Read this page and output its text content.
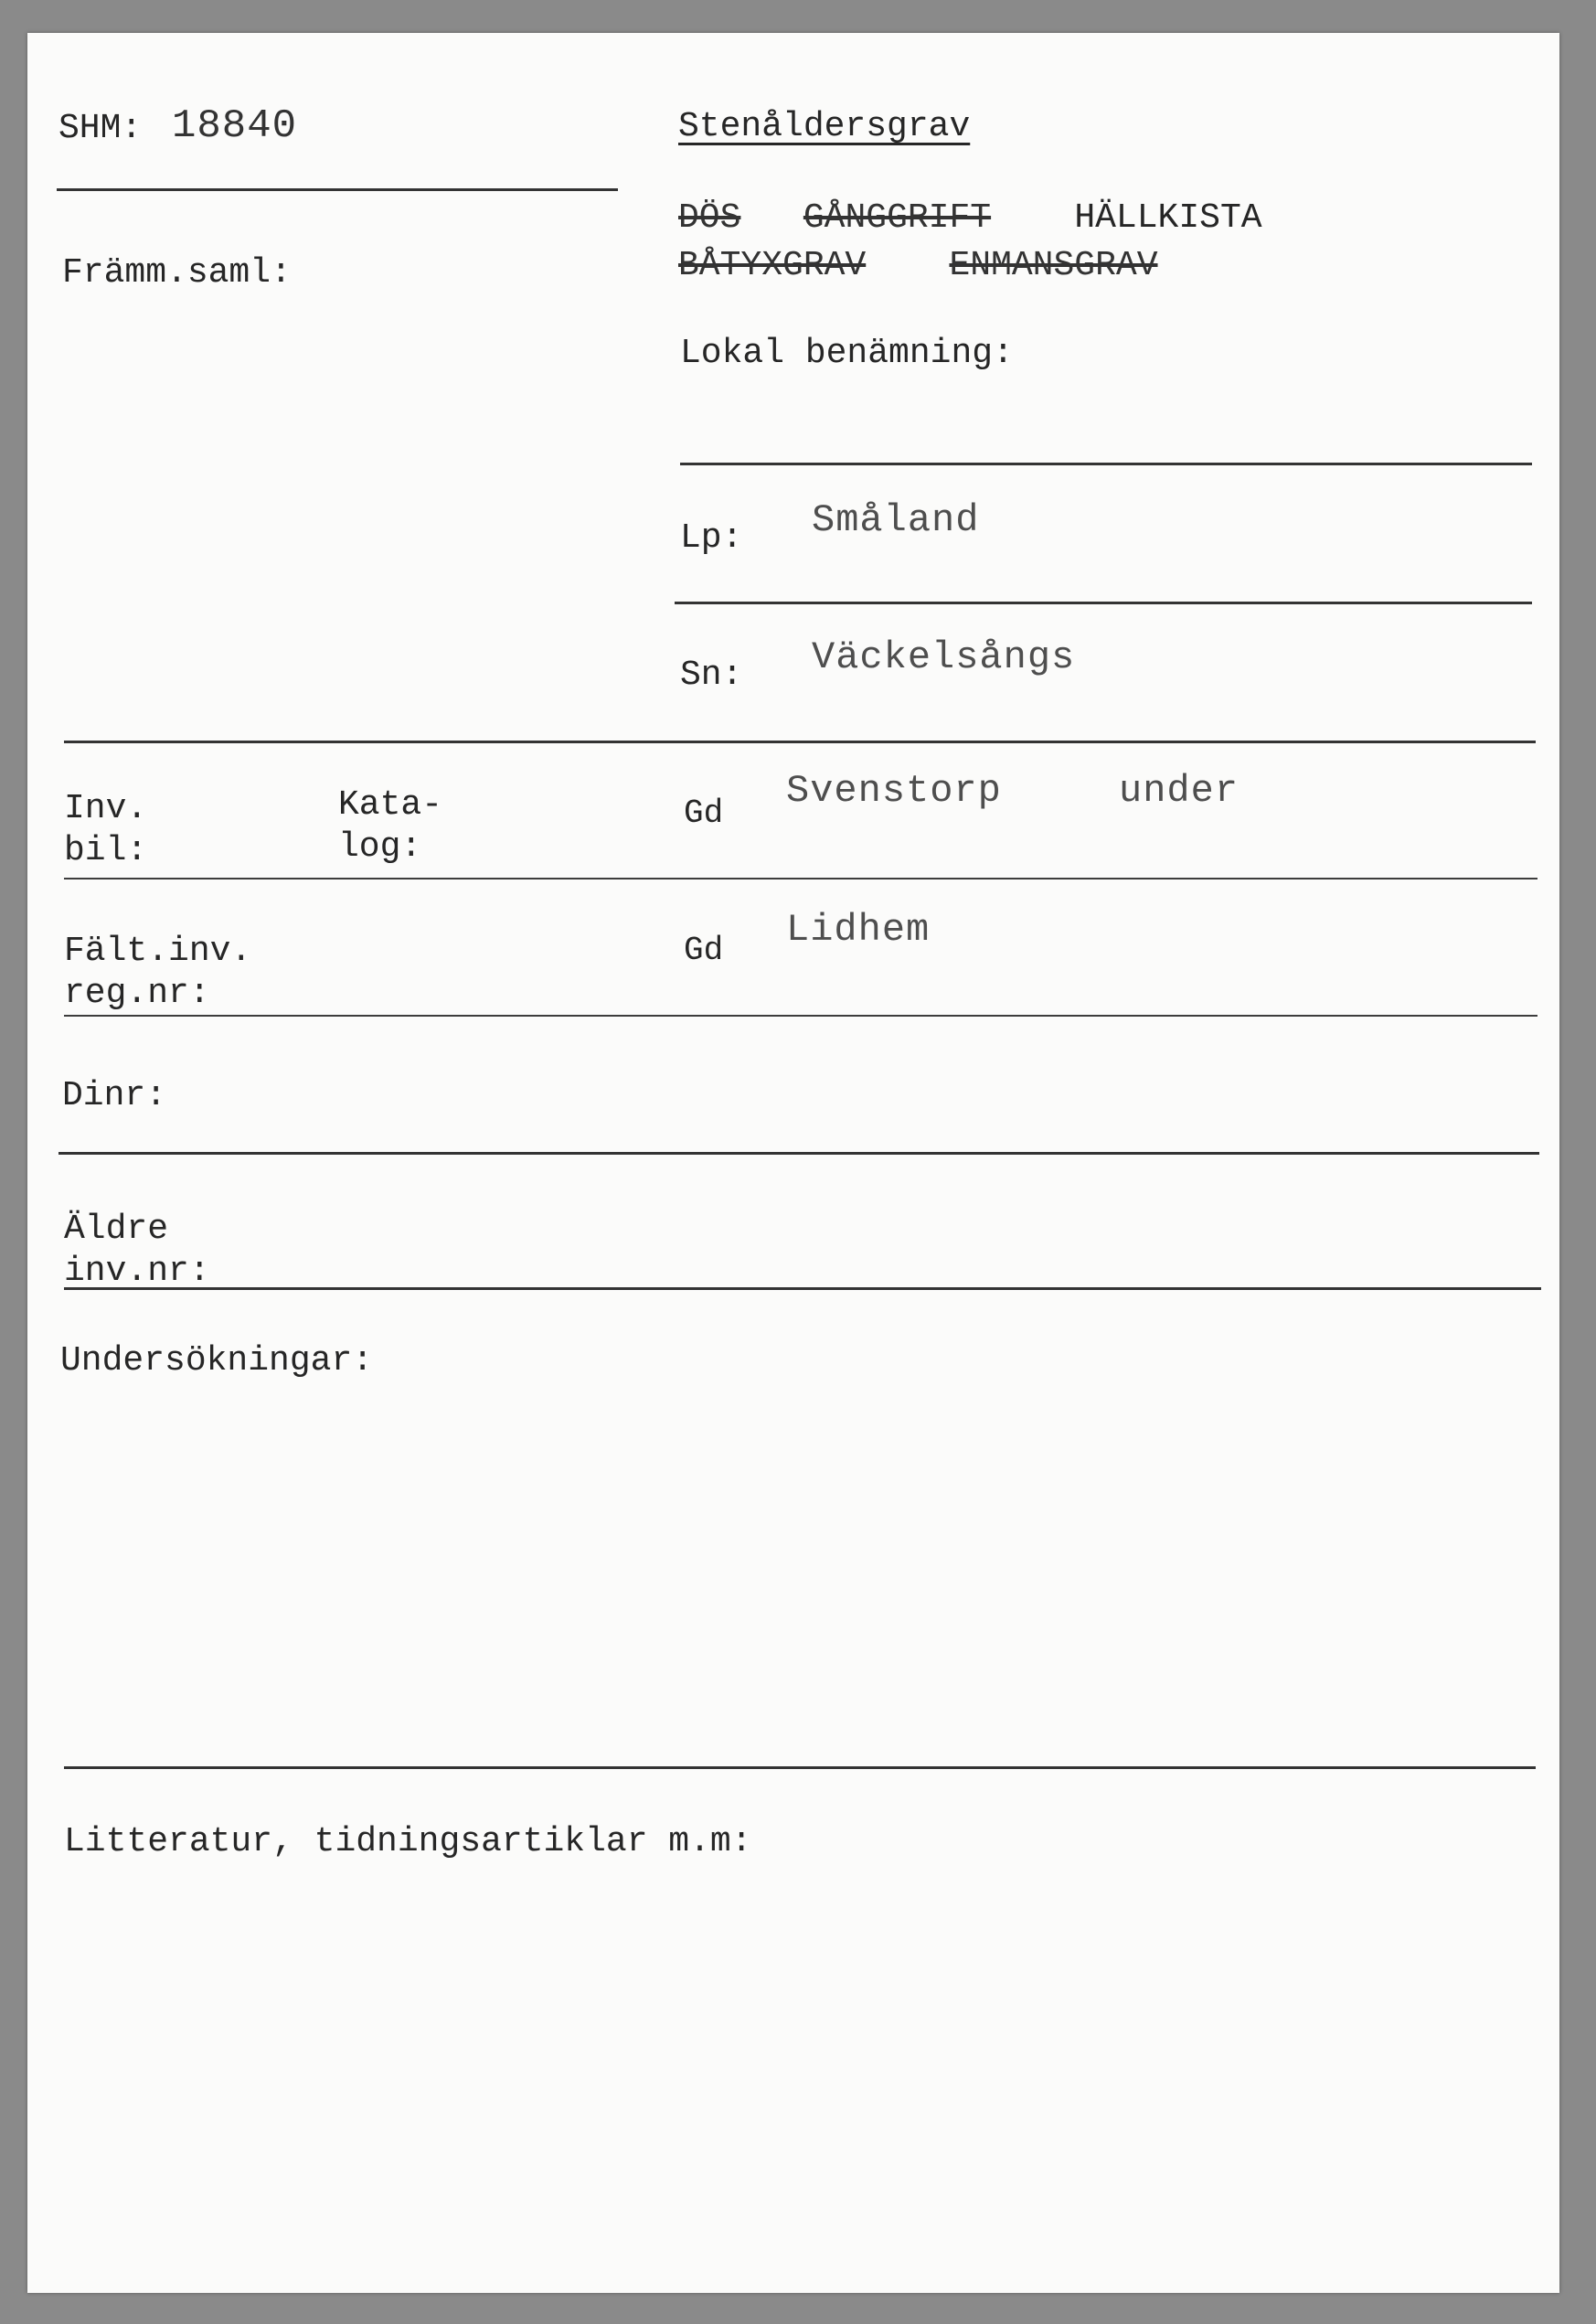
SHM: 18840	Stenåldersgrav
DÖS GÅNGGRIFT HÄLLKISTA
BÅTYXGRAV ENMANSGRAV
Främm.saml:
Lokal benämning:
Lp: Småland
Sn: Väckelsångs
Inv.
bil:
Kata-
log:
Gd
Svenstorp	under
Fält.inv.
reg.nr:
Gd Lidhem
Dinr:
Äldre
inv.nr:
Undersökningar:
Litteratur, tidningsartiklar m.m:
